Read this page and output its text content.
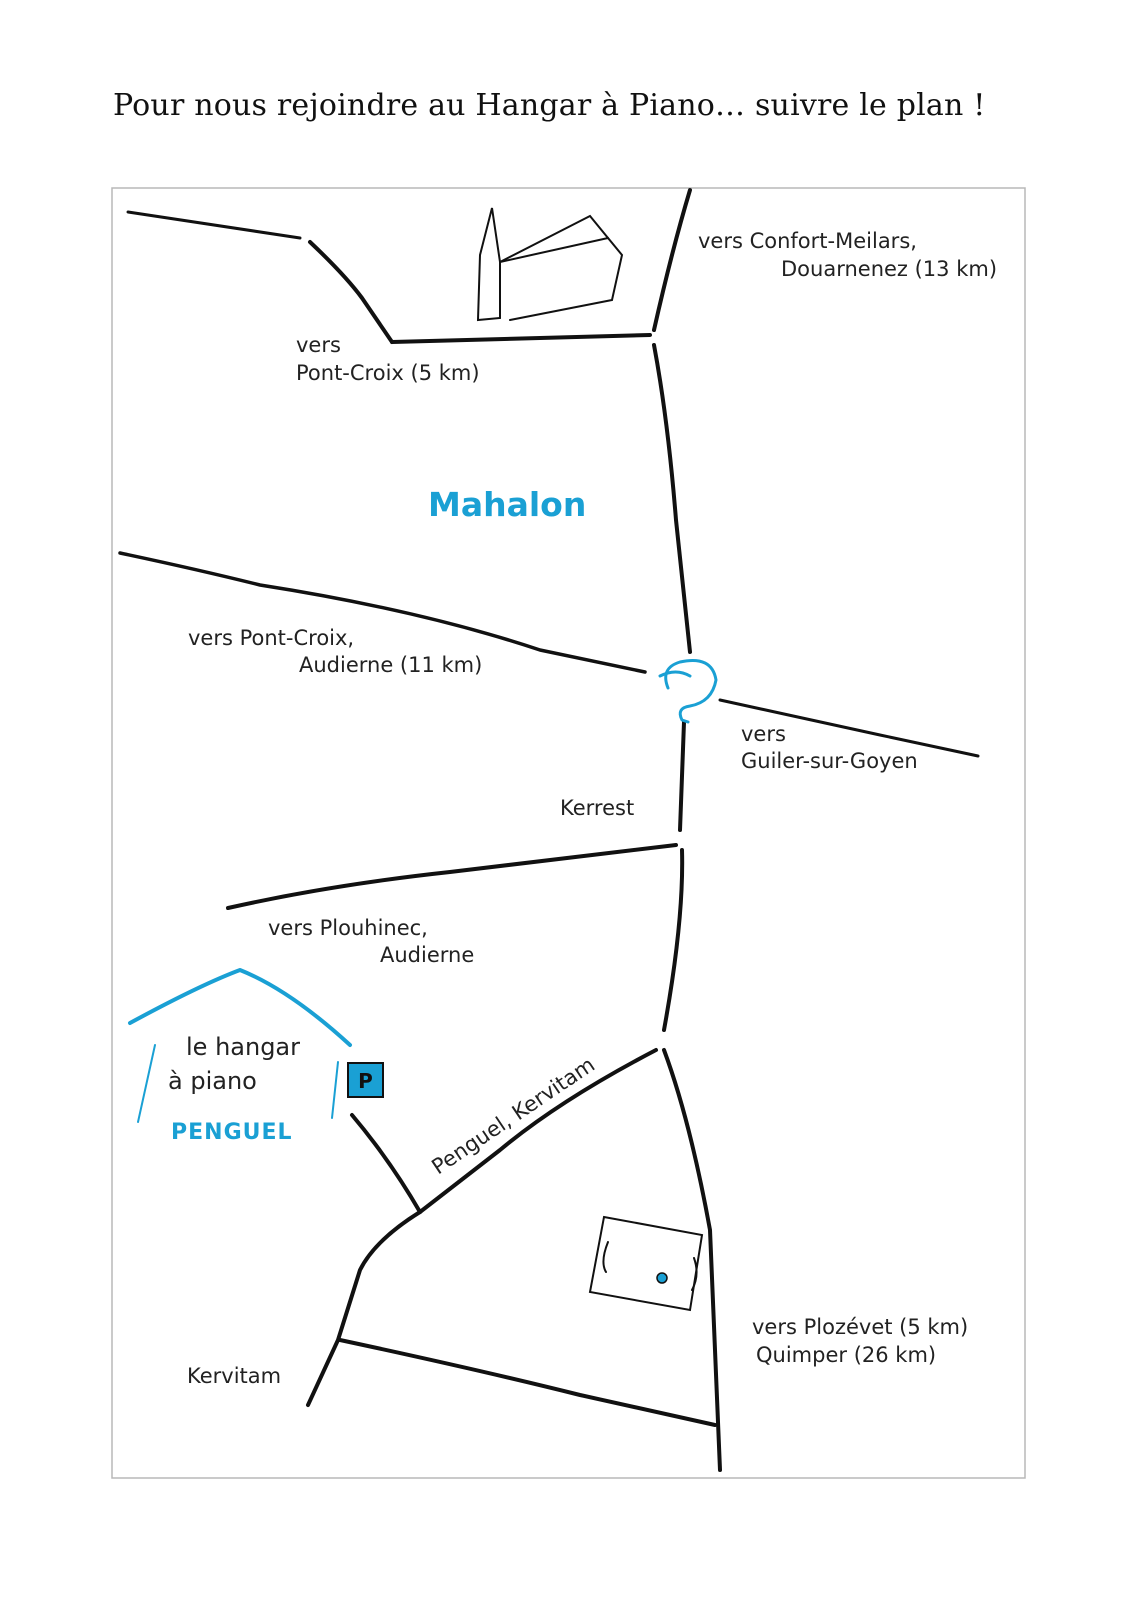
Pour nous rejoindre au Hangar à Piano… suivre le plan !
P
vers Confort-Meilars,
Douarnenez (13 km)
vers
Pont-Croix (5 km)
Mahalon
vers Pont-Croix,
Audierne (11 km)
vers
Guiler-sur-Goyen
Kerrest
vers Plouhinec,
Audierne
Penguel, Kervitam
le hangar
à piano
PENGUEL
vers Plozévet (5 km)
Quimper (26 km)
Kervitam
